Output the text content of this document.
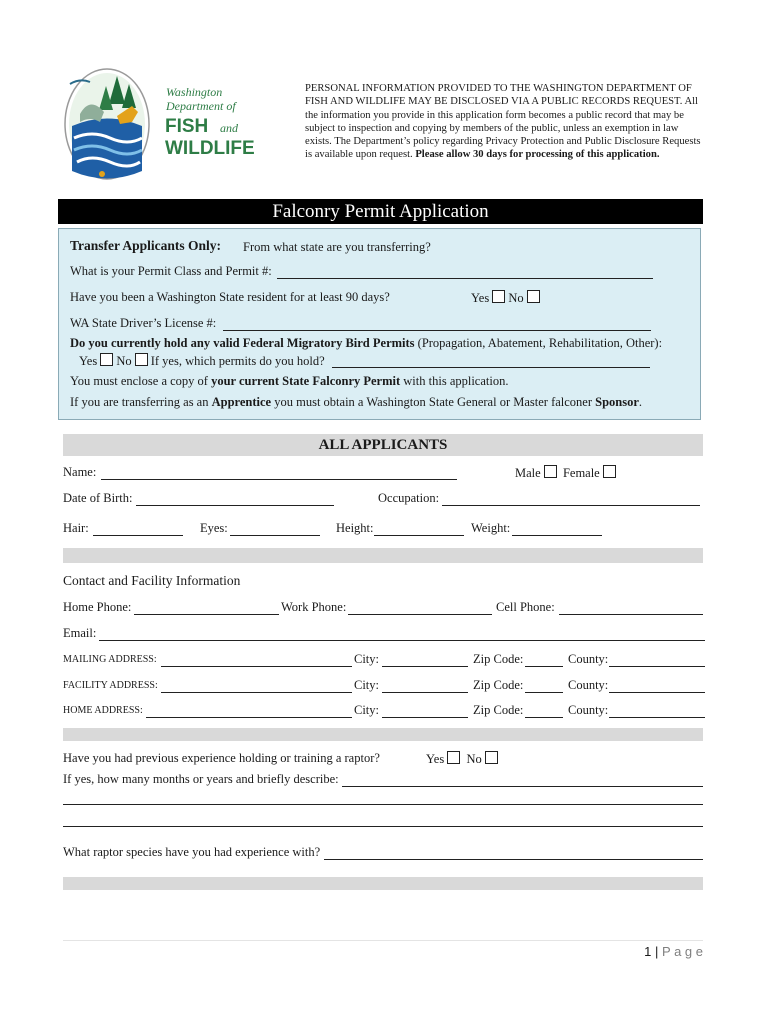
Washington
Department of
FISH and
WILDLIFE
PERSONAL INFORMATION PROVIDED TO THE WASHINGTON DEPARTMENT OF FISH AND WILDLIFE MAY BE DISCLOSED VIA A PUBLIC RECORDS REQUEST. All the information you provide in this application form becomes a public record that may be subject to inspection and copying by members of the public, unless an exemption in law exists. The Department’s policy regarding Privacy Protection and Public Disclosure Requests is available upon request. Please allow 30 days for processing of this application.
Falconry Permit Application
Transfer Applicants Only: From what state are you transferring?
What is your Permit Class and Permit #:
Have you been a Washington State resident for at least 90 days?	Yes No
WA State Driver’s License #:
Do you currently hold any valid Federal Migratory Bird Permits (Propagation, Abatement, Rehabilitation, Other):
Yes No If yes, which permits do you hold?
You must enclose a copy of your current State Falconry Permit with this application.
If you are transferring as an Apprentice you must obtain a Washington State General or Master falconer Sponsor.
ALL APPLICANTS
Name:	Male Female
Date of Birth:	Occupation:
Hair:	Eyes:	Height:	Weight:
Contact and Facility Information
Home Phone:	Work Phone:	Cell Phone:
Email:
MAILING ADDRESS:	City:	Zip Code:	County:
FACILITY ADDRESS:	City:	Zip Code:	County:
HOME ADDRESS:	City:	Zip Code:	County:
Have you had previous experience holding or training a raptor?	Yes No
If yes, how many months or years and briefly describe:
What raptor species have you had experience with?
1 | P a g e
